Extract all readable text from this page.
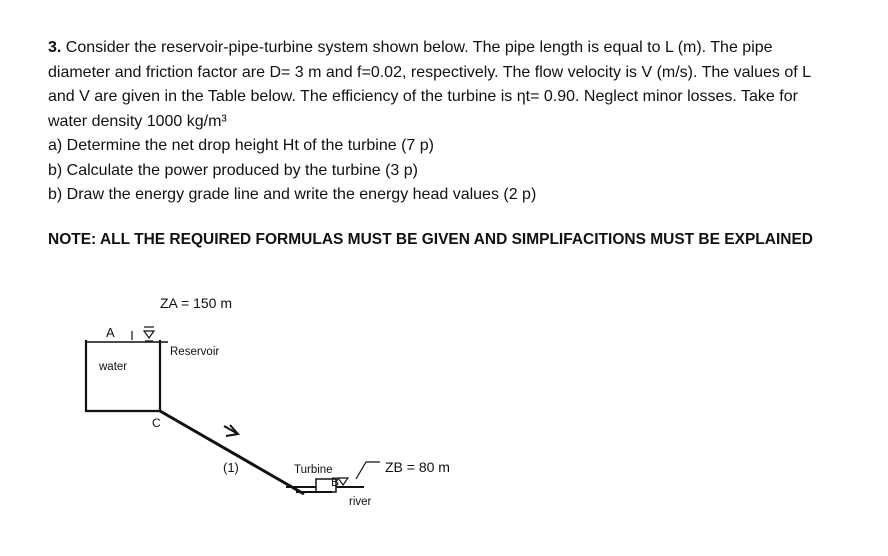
3. Consider the reservoir-pipe-turbine system shown below. The pipe length is equal to L (m). The pipe diameter and friction factor are D= 3 m and f=0.02, respectively. The flow velocity is V (m/s). The values of L and V are given in the Table below. The efficiency of the turbine is ηt= 0.90. Neglect minor losses. Take for water density 1000 kg/m³

a) Determine the net drop height Ht of the turbine (7 p)
b) Calculate the power produced by the turbine (3 p)
b) Draw the energy grade line and write the energy head values (2 p)
NOTE: ALL THE REQUIRED FORMULAS MUST BE GIVEN AND SIMPLIFACITIONS MUST BE EXPLAINED
A
ZA = 150 m
Reservoir
water
C
(1)	Turbine
B
ZB = 80 m
river
